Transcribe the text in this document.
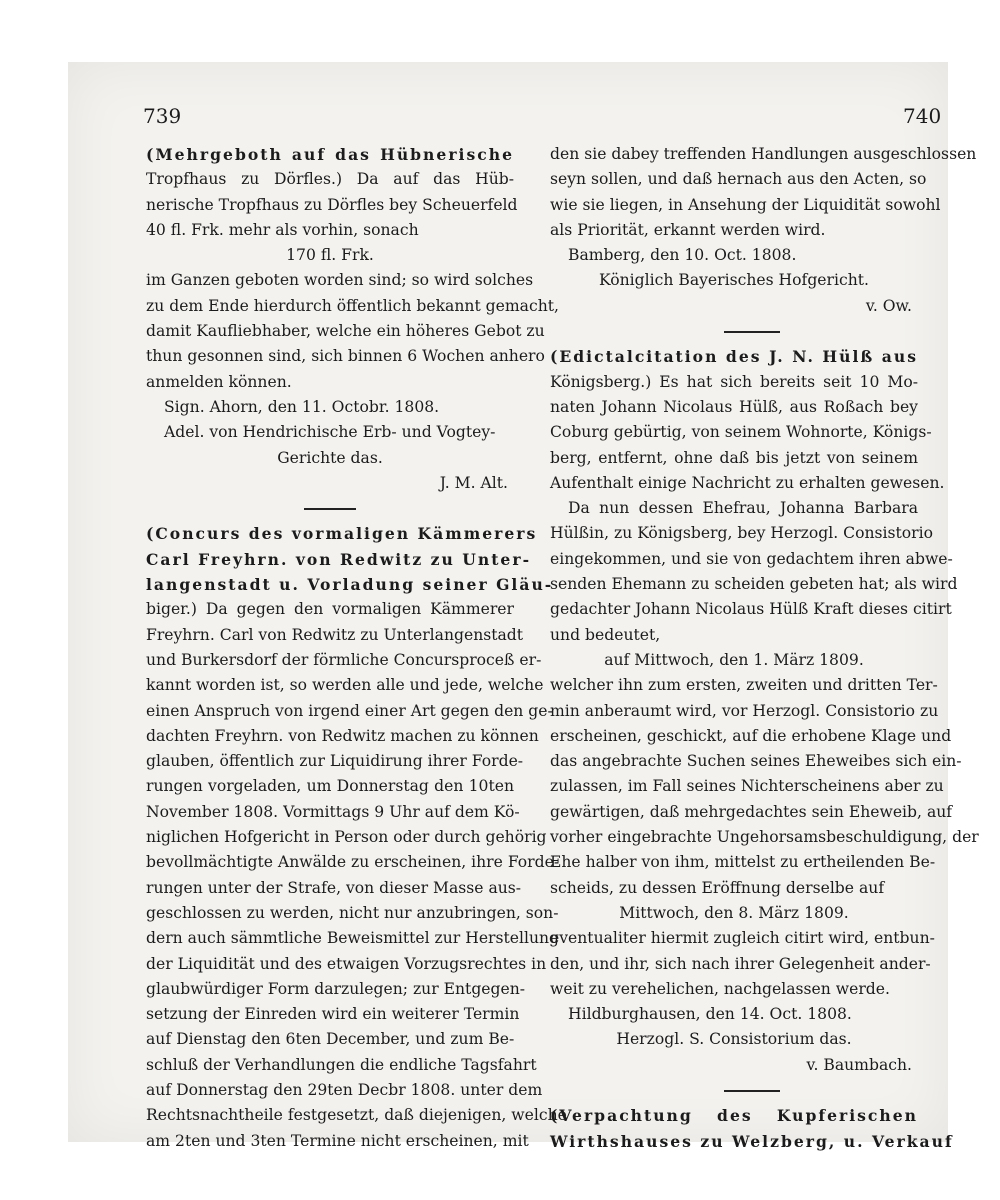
739	740
(Mehrgeboth auf das Hübnerische
Tropfhaus zu Dörfles.) Da auf das Hüb-
nerische Tropfhaus zu Dörfles bey Scheuerfeld
40 fl. Frk. mehr als vorhin, sonach
170 fl. Frk.
im Ganzen geboten worden sind; so wird solches
zu dem Ende hierdurch öffentlich bekannt gemacht,
damit Kaufliebhaber, welche ein höheres Gebot zu
thun gesonnen sind, sich binnen 6 Wochen anhero
anmelden können.
Sign. Ahorn, den 11. Octobr. 1808.
Adel. von Hendrichische Erb- und Vogtey-
Gerichte das.
J. M. Alt.
(Concurs des vormaligen Kämmerers
Carl Freyhrn. von Redwitz zu Unter-
langenstadt u. Vorladung seiner Gläu-
biger.) Da gegen den vormaligen Kämmerer
Freyhrn. Carl von Redwitz zu Unterlangenstadt
und Burkersdorf der förmliche Concursproceß er-
kannt worden ist, so werden alle und jede, welche
einen Anspruch von irgend einer Art gegen den ge-
dachten Freyhrn. von Redwitz machen zu können
glauben, öffentlich zur Liquidirung ihrer Forde-
rungen vorgeladen, um Donnerstag den 10ten
November 1808. Vormittags 9 Uhr auf dem Kö-
niglichen Hofgericht in Person oder durch gehörig
bevollmächtigte Anwälde zu erscheinen, ihre Forde-
rungen unter der Strafe, von dieser Masse aus-
geschlossen zu werden, nicht nur anzubringen, son-
dern auch sämmtliche Beweismittel zur Herstellung
der Liquidität und des etwaigen Vorzugsrechtes in
glaubwürdiger Form darzulegen; zur Entgegen-
setzung der Einreden wird ein weiterer Termin
auf Dienstag den 6ten December, und zum Be-
schluß der Verhandlungen die endliche Tagsfahrt
auf Donnerstag den 29ten Decbr 1808. unter dem
Rechtsnachtheile festgesetzt, daß diejenigen, welche
am 2ten und 3ten Termine nicht erscheinen, mit
den sie dabey treffenden Handlungen ausgeschlossen
seyn sollen, und daß hernach aus den Acten, so
wie sie liegen, in Ansehung der Liquidität sowohl
als Priorität, erkannt werden wird.
Bamberg, den 10. Oct. 1808.
Königlich Bayerisches Hofgericht.
v. Ow.
(Edictalcitation des J. N. Hülß aus
Königsberg.) Es hat sich bereits seit 10 Mo-
naten Johann Nicolaus Hülß, aus Roßach bey
Coburg gebürtig, von seinem Wohnorte, Königs-
berg, entfernt, ohne daß bis jetzt von seinem
Aufenthalt einige Nachricht zu erhalten gewesen.
Da nun dessen Ehefrau, Johanna Barbara
Hülßin, zu Königsberg, bey Herzogl. Consistorio
eingekommen, und sie von gedachtem ihren abwe-
senden Ehemann zu scheiden gebeten hat; als wird
gedachter Johann Nicolaus Hülß Kraft dieses citirt
und bedeutet,
auf Mittwoch, den 1. März 1809.
welcher ihn zum ersten, zweiten und dritten Ter-
min anberaumt wird, vor Herzogl. Consistorio zu
erscheinen, geschickt, auf die erhobene Klage und
das angebrachte Suchen seines Eheweibes sich ein-
zulassen, im Fall seines Nichterscheinens aber zu
gewärtigen, daß mehrgedachtes sein Eheweib, auf
vorher eingebrachte Ungehorsamsbeschuldigung, der
Ehe halber von ihm, mittelst zu ertheilenden Be-
scheids, zu dessen Eröffnung derselbe auf
Mittwoch, den 8. März 1809.
eventualiter hiermit zugleich citirt wird, entbun-
den, und ihr, sich nach ihrer Gelegenheit ander-
weit zu verehelichen, nachgelassen werde.
Hildburghausen, den 14. Oct. 1808.
Herzogl. S. Consistorium das.
v. Baumbach.
(Verpachtung des Kupferischen
Wirthshauses zu Welzberg, u. Verkauf
